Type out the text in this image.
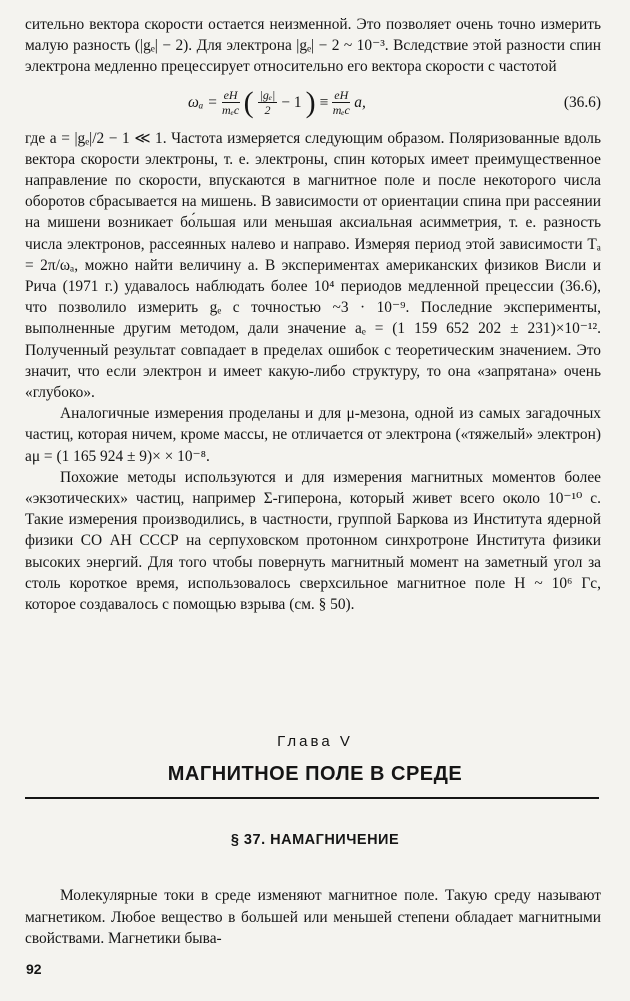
сительно вектора скорости остается неизменной. Это позволяет очень точно измерить малую разность (|gₑ| − 2). Для электрона |gₑ| − 2 ~ 10⁻³. Вследствие этой разности спин электрона медленно прецессирует относительно его вектора скорости с частотой

$\omega_a = \frac{eH}{\text{mₑc}}$ ( $\frac{\text{|gₑ|}}{2} - 1$ ) ≡ $\frac{eH}{\text{mₑc}} a$,	(36.6)

где a = |gₑ|/2 − 1 ≪ 1. Частота измеряется следующим образом. Поляризованные вдоль вектора скорости электроны, т. е. электроны, спин которых имеет преимущественное направление по скорости, впускаются в магнитное поле и после некоторого числа оборотов сбрасывается на мишень. В зависимости от ориентации спина при рассеянии на мишени возникает бо́льшая или меньшая аксиальная асимметрия, т. е. разность числа электронов, рассеянных налево и направо. Измеряя период этой зависимости Tₐ = 2π/ωₐ, можно найти величину a. В экспериментах американских физиков Висли и Рича (1971 г.) удавалось наблюдать более 10⁴ периодов медленной прецессии (36.6), что позволило измерить gₑ с точностью ~3 · 10⁻⁹. Последние эксперименты, выполненные другим методом, дали значение aₑ = (1 159 652 202 ± 231)×10⁻¹². Полученный результат совпадает в пределах ошибок с теоретическим значением. Это значит, что если электрон и имеет какую-либо структуру, то она «запрятана» очень «глубоко».

Аналогичные измерения проделаны и для μ-мезона, одной из самых загадочных частиц, которая ничем, кроме массы, не отличается от электрона («тяжелый» электрон) aμ = (1 165 924 ± 9)× × 10⁻⁸.

Похожие методы используются и для измерения магнитных моментов более «экзотических» частиц, например Σ-гиперона, который живет всего около 10⁻¹⁰ с. Такие измерения производились, в частности, группой Баркова из Института ядерной физики СО АН СССР на серпуховском протонном синхротроне Института физики высоких энергий. Для того чтобы повернуть магнитный момент на заметный угол за столь короткое время, использовалось сверхсильное магнитное поле H ~ 10⁶ Гс, которое создавалось с помощью взрыва (см. § 50).

Глава V
МАГНИТНОЕ ПОЛЕ В СРЕДЕ
§ 37. НАМАГНИЧЕНИЕ

Молекулярные токи в среде изменяют магнитное поле. Такую среду называют магнетиком. Любое вещество в большей или меньшей степени обладает магнитными свойствами. Магнетики быва-

92
